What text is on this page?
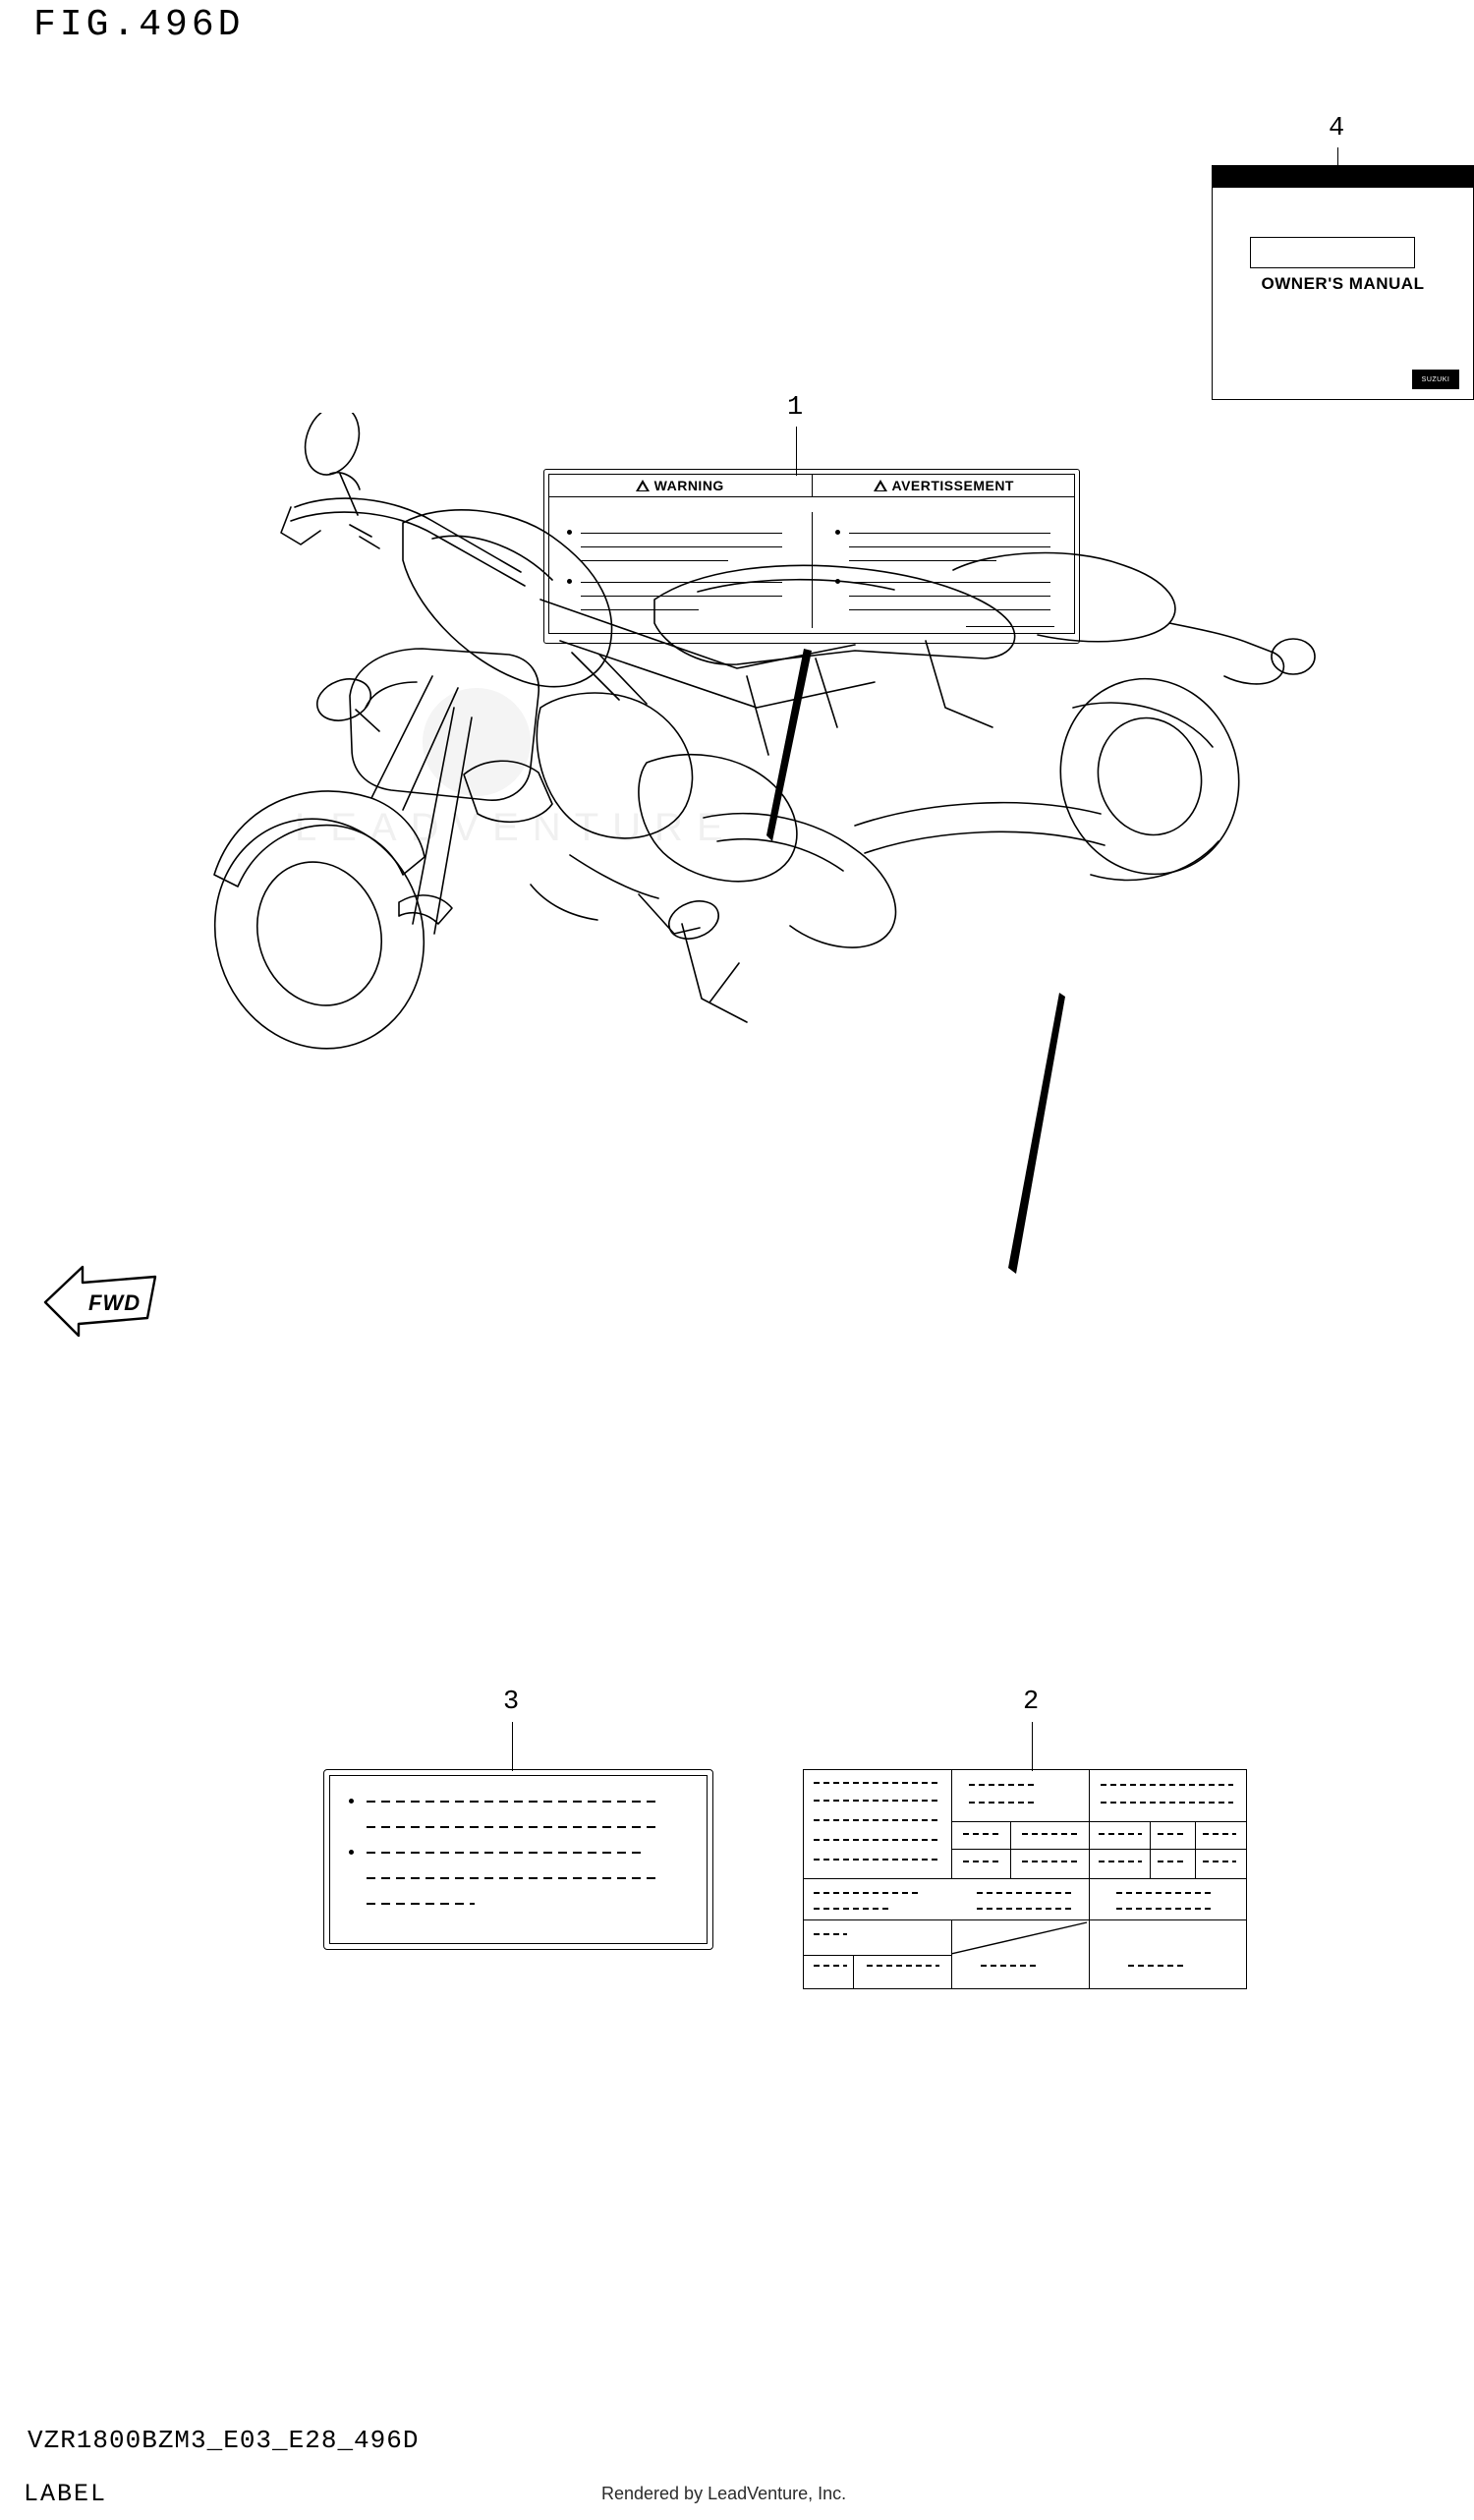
FIG.496D
LEADVENTURE
1
WARNING	AVERTISSEMENT
4
OWNER'S MANUAL
SUZUKI
3	2
FWD
VZR1800BZM3_E03_E28_496D
LABEL	Rendered by LeadVenture, Inc.
